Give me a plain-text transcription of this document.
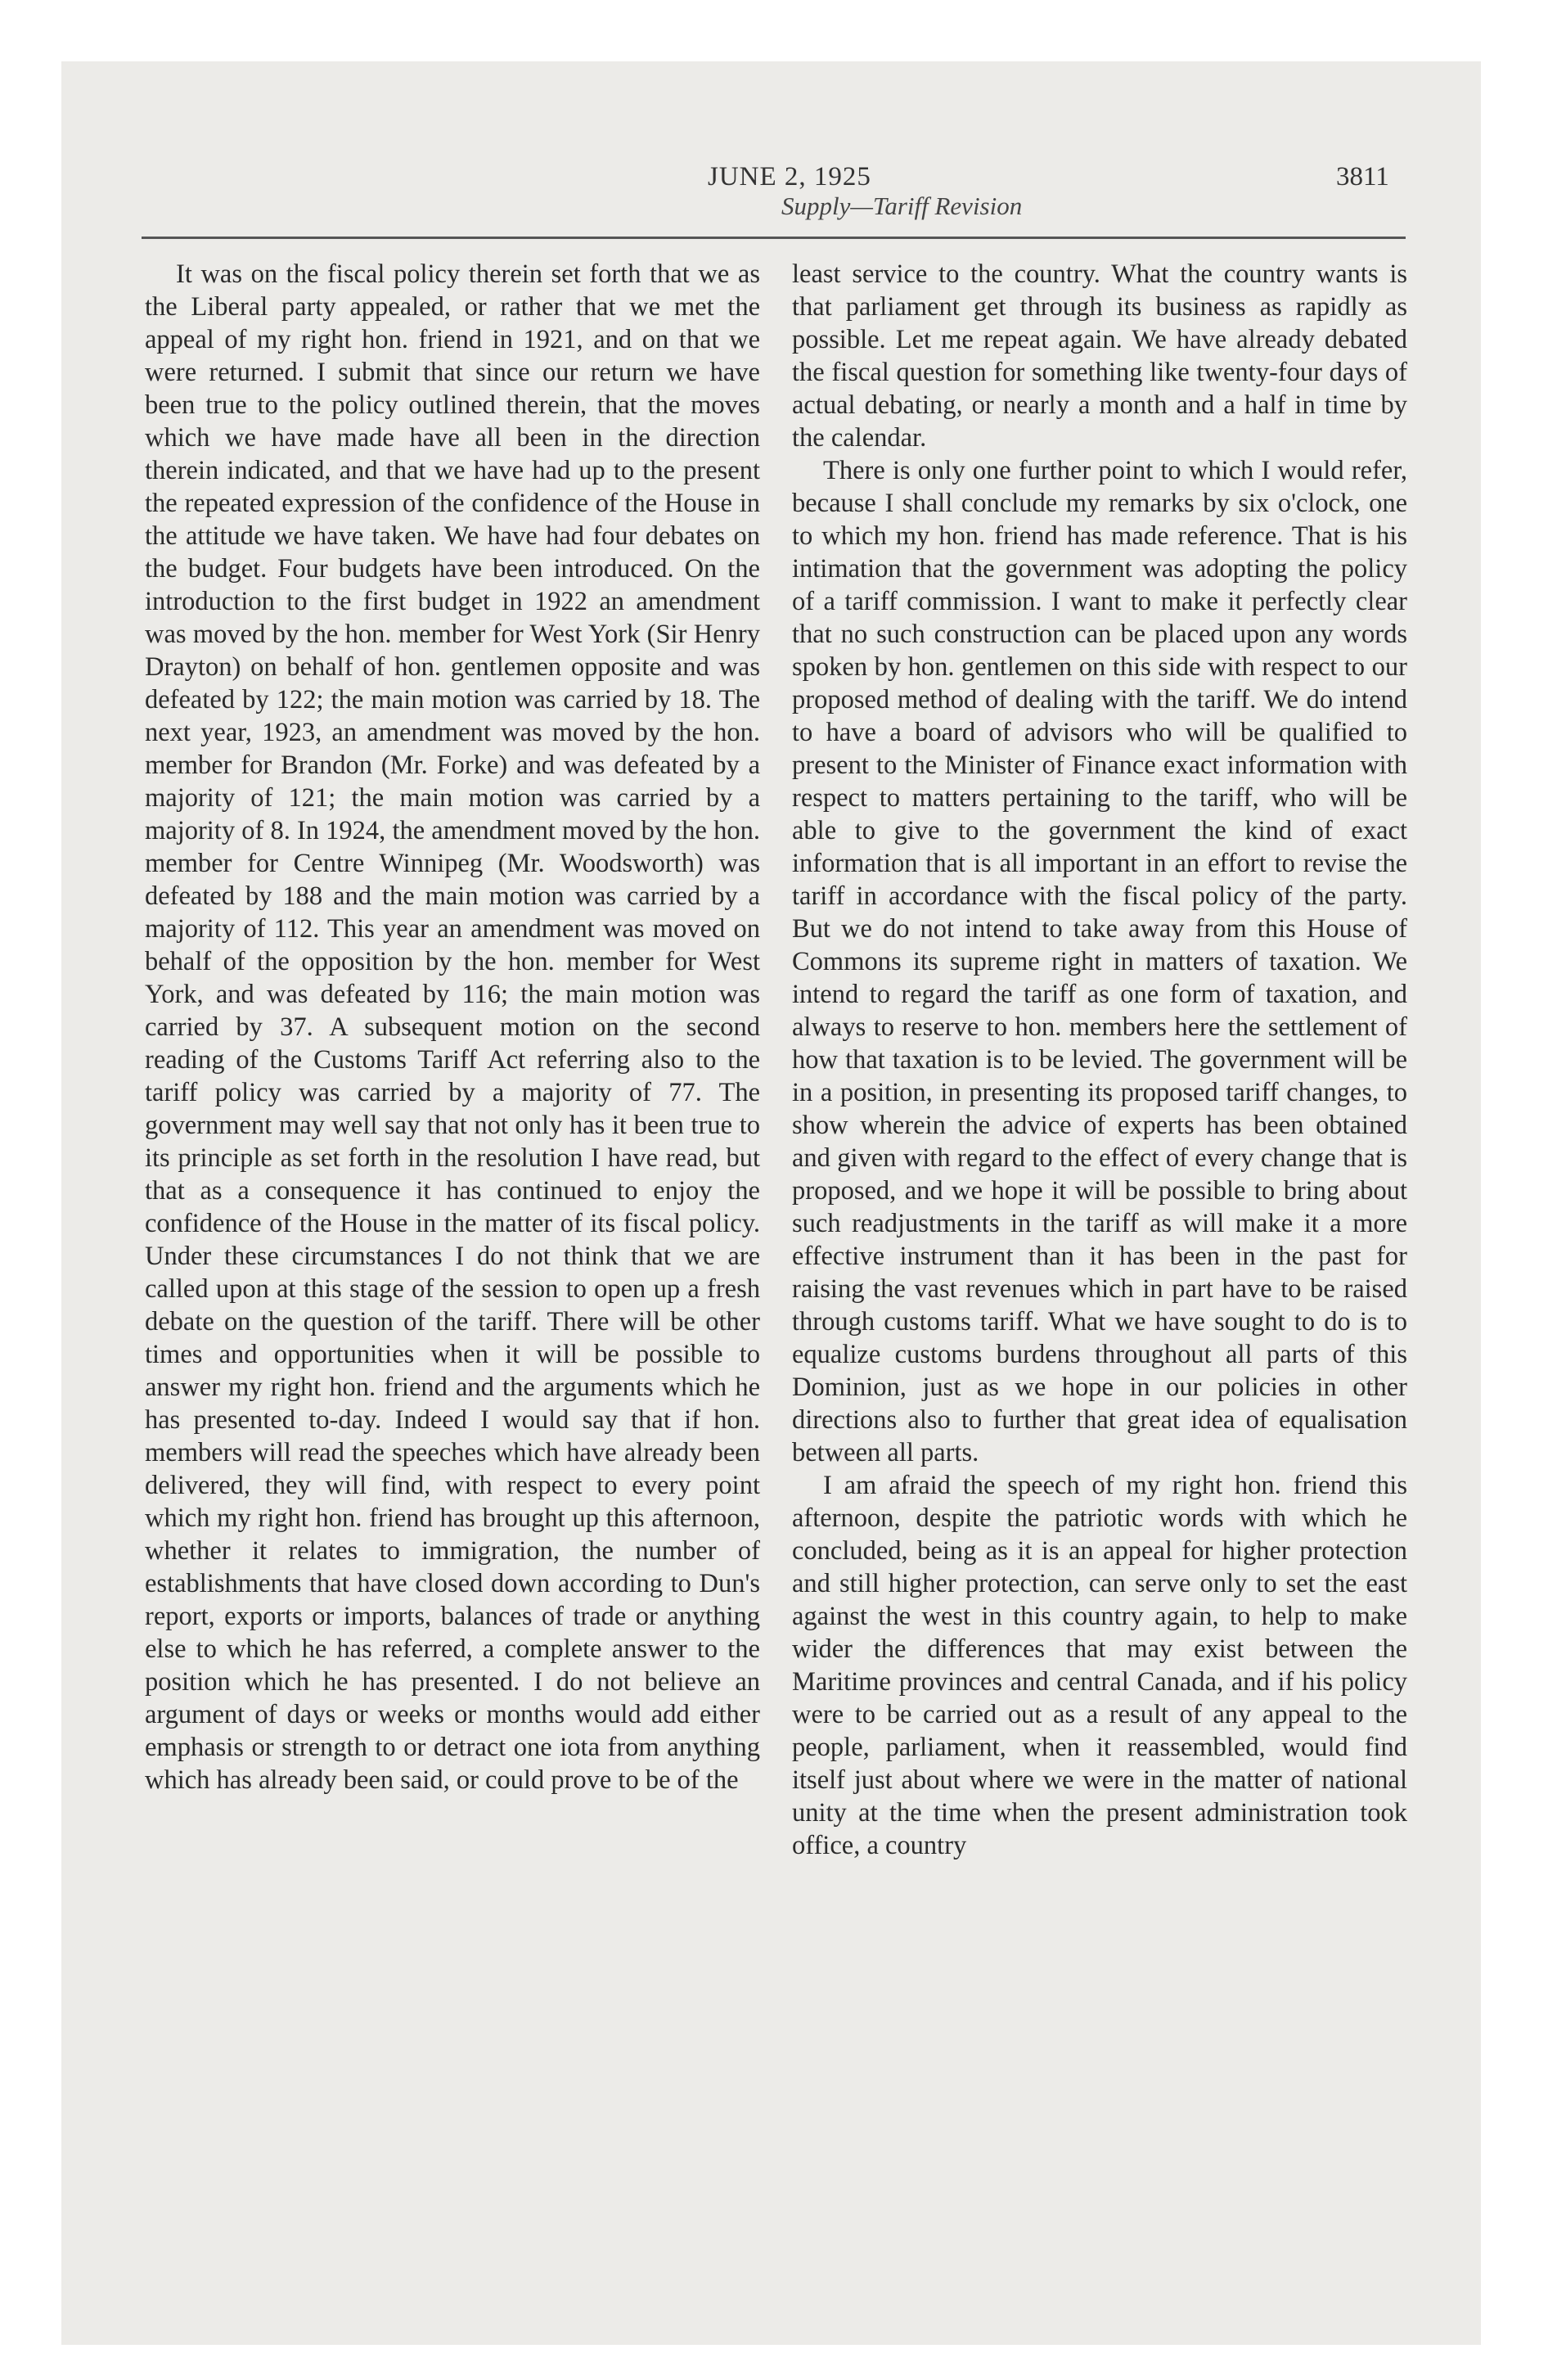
JUNE 2, 1925	3811
Supply—Tariff Revision

It was on the fiscal policy therein set forth that we as the Liberal party appealed, or rather that we met the appeal of my right hon. friend in 1921, and on that we were returned. I submit that since our return we have been true to the policy outlined therein, that the moves which we have made have all been in the direction therein indicated, and that we have had up to the present the repeated expression of the confidence of the House in the attitude we have taken. We have had four debates on the budget. Four budgets have been introduced. On the introduction to the first budget in 1922 an amendment was moved by the hon. member for West York (Sir Henry Drayton) on behalf of hon. gentlemen opposite and was defeated by 122; the main motion was carried by 18. The next year, 1923, an amendment was moved by the hon. member for Brandon (Mr. Forke) and was defeated by a majority of 121; the main motion was carried by a majority of 8. In 1924, the amendment moved by the hon. member for Centre Winnipeg (Mr. Woodsworth) was defeated by 188 and the main motion was carried by a majority of 112. This year an amendment was moved on behalf of the opposition by the hon. member for West York, and was defeated by 116; the main motion was carried by 37. A subsequent motion on the second reading of the Customs Tariff Act referring also to the tariff policy was carried by a majority of 77. The government may well say that not only has it been true to its principle as set forth in the resolution I have read, but that as a consequence it has continued to enjoy the confidence of the House in the matter of its fiscal policy. Under these circumstances I do not think that we are called upon at this stage of the session to open up a fresh debate on the question of the tariff. There will be other times and opportunities when it will be possible to answer my right hon. friend and the arguments which he has presented to-day. Indeed I would say that if hon. members will read the speeches which have already been delivered, they will find, with respect to every point which my right hon. friend has brought up this afternoon, whether it relates to immigration, the number of establishments that have closed down according to Dun's report, exports or imports, balances of trade or anything else to which he has referred, a complete answer to the position which he has presented. I do not believe an argument of days or weeks or months would add either emphasis or strength to or detract one iota from anything which has already been said, or could prove to be of the

least service to the country. What the country wants is that parliament get through its business as rapidly as possible. Let me repeat again. We have already debated the fiscal question for something like twenty-four days of actual debating, or nearly a month and a half in time by the calendar.

There is only one further point to which I would refer, because I shall conclude my remarks by six o'clock, one to which my hon. friend has made reference. That is his intimation that the government was adopting the policy of a tariff commission. I want to make it perfectly clear that no such construction can be placed upon any words spoken by hon. gentlemen on this side with respect to our proposed method of dealing with the tariff. We do intend to have a board of advisors who will be qualified to present to the Minister of Finance exact information with respect to matters pertaining to the tariff, who will be able to give to the government the kind of exact information that is all important in an effort to revise the tariff in accordance with the fiscal policy of the party. But we do not intend to take away from this House of Commons its supreme right in matters of taxation. We intend to regard the tariff as one form of taxation, and always to reserve to hon. members here the settlement of how that taxation is to be levied. The government will be in a position, in presenting its proposed tariff changes, to show wherein the advice of experts has been obtained and given with regard to the effect of every change that is proposed, and we hope it will be possible to bring about such readjustments in the tariff as will make it a more effective instrument than it has been in the past for raising the vast revenues which in part have to be raised through customs tariff. What we have sought to do is to equalize customs burdens throughout all parts of this Dominion, just as we hope in our policies in other directions also to further that great idea of equalisation between all parts.

I am afraid the speech of my right hon. friend this afternoon, despite the patriotic words with which he concluded, being as it is an appeal for higher protection and still higher protection, can serve only to set the east against the west in this country again, to help to make wider the differences that may exist between the Maritime provinces and central Canada, and if his policy were to be carried out as a result of any appeal to the people, parliament, when it reassembled, would find itself just about where we were in the matter of national unity at the time when the present administration took office, a country
